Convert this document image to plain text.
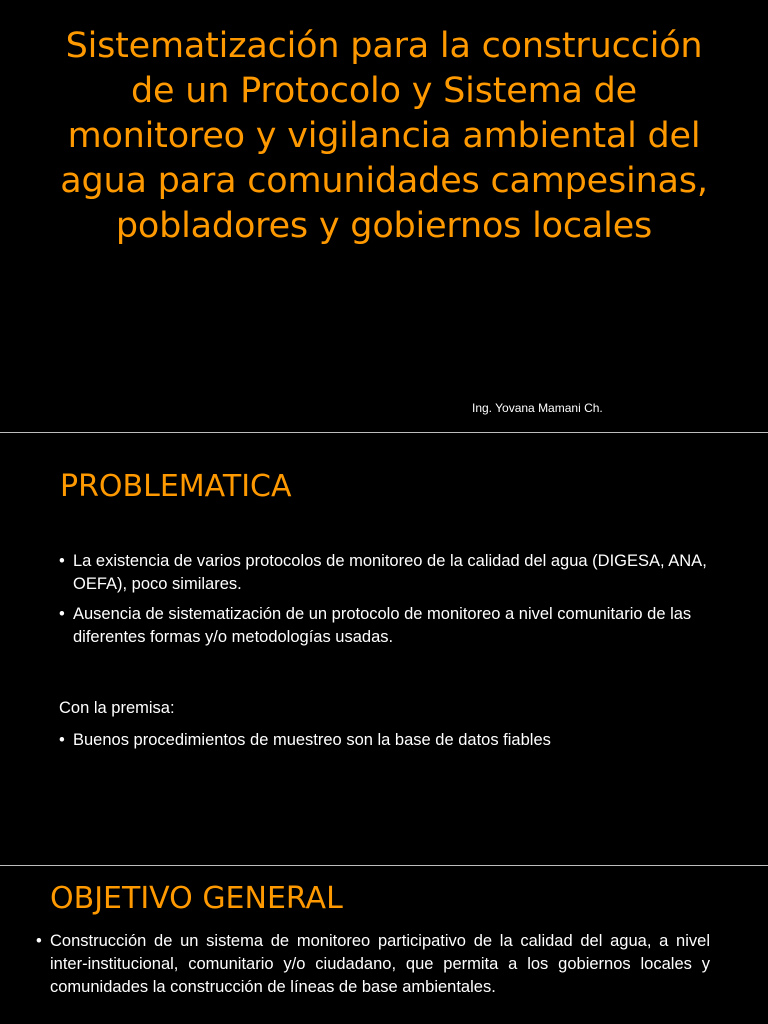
Sistematización para la construcción de un Protocolo y Sistema de monitoreo y vigilancia ambiental del agua para comunidades campesinas, pobladores y gobiernos locales
Ing. Yovana Mamani Ch.
PROBLEMATICA
• La existencia de varios protocolos de monitoreo de la calidad del agua (DIGESA, ANA, OEFA), poco similares.
• Ausencia de sistematización de un protocolo de monitoreo a nivel comunitario de las diferentes formas y/o metodologías usadas.

Con la premisa:

• Buenos procedimientos de muestreo son la base de datos fiables
OBJETIVO GENERAL
• Construcción de un sistema de monitoreo participativo de la calidad del agua, a nivel inter-institucional, comunitario y/o ciudadano, que permita a los gobiernos locales y comunidades la construcción de líneas de base ambientales.
